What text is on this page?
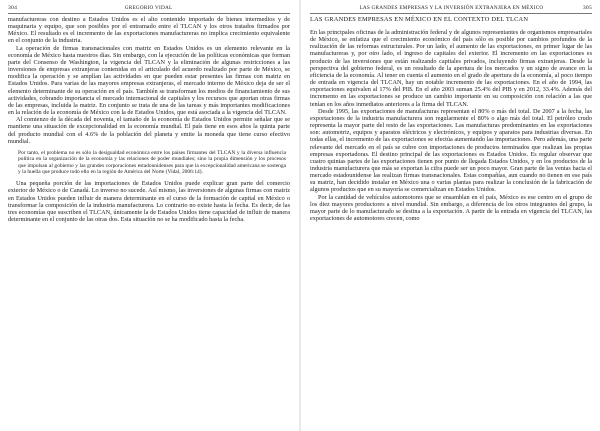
304	GREGORIO VIDAL

manufactureras con destino a Estados Unidos es el alto contenido importado de bienes intermedios y de maquinaria y equipo, que son posibles por el entramado entre el TLCAN y los otros tratados firmados por México. El resultado es el incremento de las exportaciones manufactureras no implica crecimiento equivalente en el conjunto de la industria.

La operación de firmas transnacionales con matriz en Estados Unidos es un elemento relevante en la economía de México hasta nuestros días. Sin embargo, con la ejecución de las políticas económicas que forman parte del Consenso de Washington, la vigencia del TLCAN y la eliminación de algunas restricciones a las inversiones de empresas extranjeras contenidas en el articulado del acuerdo realizado por parte de México, se modifica la operación y se amplían las actividades en que pueden estar presentes las firmas con matriz en Estados Unidos. Para varias de las mayores empresas extranjeras, el mercado interno de México deja de ser el elemento determinante de su operación en el país. También se transforman los medios de financiamiento de sus actividades, cobrando importancia el mercado internacional de capitales y los recursos que aportan otras firmas de las empresas, incluida la matriz. En conjunto se trata de una de las tareas y más importantes modificaciones en la relación de la economía de México con la de Estados Unidos, que está asociada a la vigencia del TLCAN.

Al comienzo de la década del noventa, el tamaño de la economía de Estados Unidos permite señalar que se mantiene una situación de excepcionalidad en la economía mundial. El país tiene en esos años la quinta parte del producto mundial con el 4.6% de la población del planeta y emite la moneda que tiene curso efectivo mundial.

Por tanto, el problema no es sólo la desigualdad económica entre los países firmantes del TLCAN y la diversa influencia política en la organización de la economía y las relaciones de poder mundiales; sino la propia dimensión y los procesos que impulsan al gobierno y las grandes corporaciones estadounidenses para que la excepcionalidad americana se sostenga y la huella que produce todo ello en la región de América del Norte (Vidal, 2006:14).

Una pequeña porción de las importaciones de Estados Unidos puede explicar gran parte del comercio exterior de México o de Canadá. Lo inverso no sucede. Así mismo, las inversiones de algunas firmas con matriz en Estados Unidos pueden influir de manera determinante en el curso de la formación de capital en México o transformar la composición de la industria manufacturera. Lo contrario no existe hasta la fecha. Es decir, de las tres economías que suscriben el TLCAN, únicamente la de Estados Unidos tiene capacidad de influir de manera determinante en el conjunto de las otras dos. Esta situación no se ha modificado hasta la fecha.

LAS GRANDES EMPRESAS Y LA INVERSIÓN EXTRANJERA EN MÉXICO	305
LAS GRANDES EMPRESAS EN MÉXICO EN EL CONTEXTO DEL TLCAN

En las principales oficinas de la administración federal y de algunos representantes de organismos empresariales de México, se enfatiza que el crecimiento económico del país sólo es posible por cambios profundos de la realización de las reformas estructurales. Por un lado, el aumento de las exportaciones, en primer lugar de las manufactureras y, por otro lado, el ingreso de capitales del exterior. El incremento en las exportaciones es producto de las inversiones que están realizando capitales privados, incluyendo firmas extranjeras. Desde la perspectiva del gobierno federal, es un resultado de la apertura de los mercados y un signo de avance en la eficiencia de la economía. Al tener en cuenta el aumento en el grado de apertura de la economía, al poco tiempo de entrada en vigencia del TLCAN, hay un notable incremento de las exportaciones. En el año de 1994, las exportaciones equivalen al 17% del PIB. En el año 2003 suman 25.4% del PIB y en 2012, 33.4%. Además del incremento en las exportaciones se produce un cambio importante en su composición con relación a las que tenían en los años inmediatos anteriores a la firma del TLCAN.

Desde 1995, las exportaciones de manufacturas representan el 80% o más del total. De 2007 a la fecha, las exportaciones de la industria manufacturera son regularmente el 80% o algo más del total. El petróleo crudo representa la mayor parte del resto de las exportaciones. Las manufacturas predominantes en las exportaciones son: automotriz, equipos y aparatos eléctricos y electrónicos, y equipos y aparatos para industrias diversas. En todas ellas, el incremento de las exportaciones se efectúa aumentando las importaciones. Pero además, una parte relevante del mercado en el país se cubre con importaciones de productos terminados que realizan las propias empresas exportadoras. El destino principal de las exportaciones es Estados Unidos. Es regular observar que cuatro quintas partes de las exportaciones tienen por punto de llegada Estados Unidos, y en los productos de la industria manufacturera que más se exportan la cifra puede ser un poco mayor. Gran parte de las ventas hacia el mercado estadounidense las realizan firmas transnacionales. Estas compañías, aun cuando no tienen en ese país su matriz, han decidido instalar en México una o varias plantas para realizar la conclusión de la fabricación de algunos productos que en su mayoría se comercializan en Estados Unidos.

Por la cantidad de vehículos automotores que se ensamblan en el país, México es ese centro en el grupo de los diez mayores productores a nivel mundial. Sin embargo, a diferencia de los otros integrantes del grupo, la mayor parte de lo manufacturado se destina a la exportación. A partir de la entrada en vigencia del TLCAN, las exportaciones de automotores crecen, como
